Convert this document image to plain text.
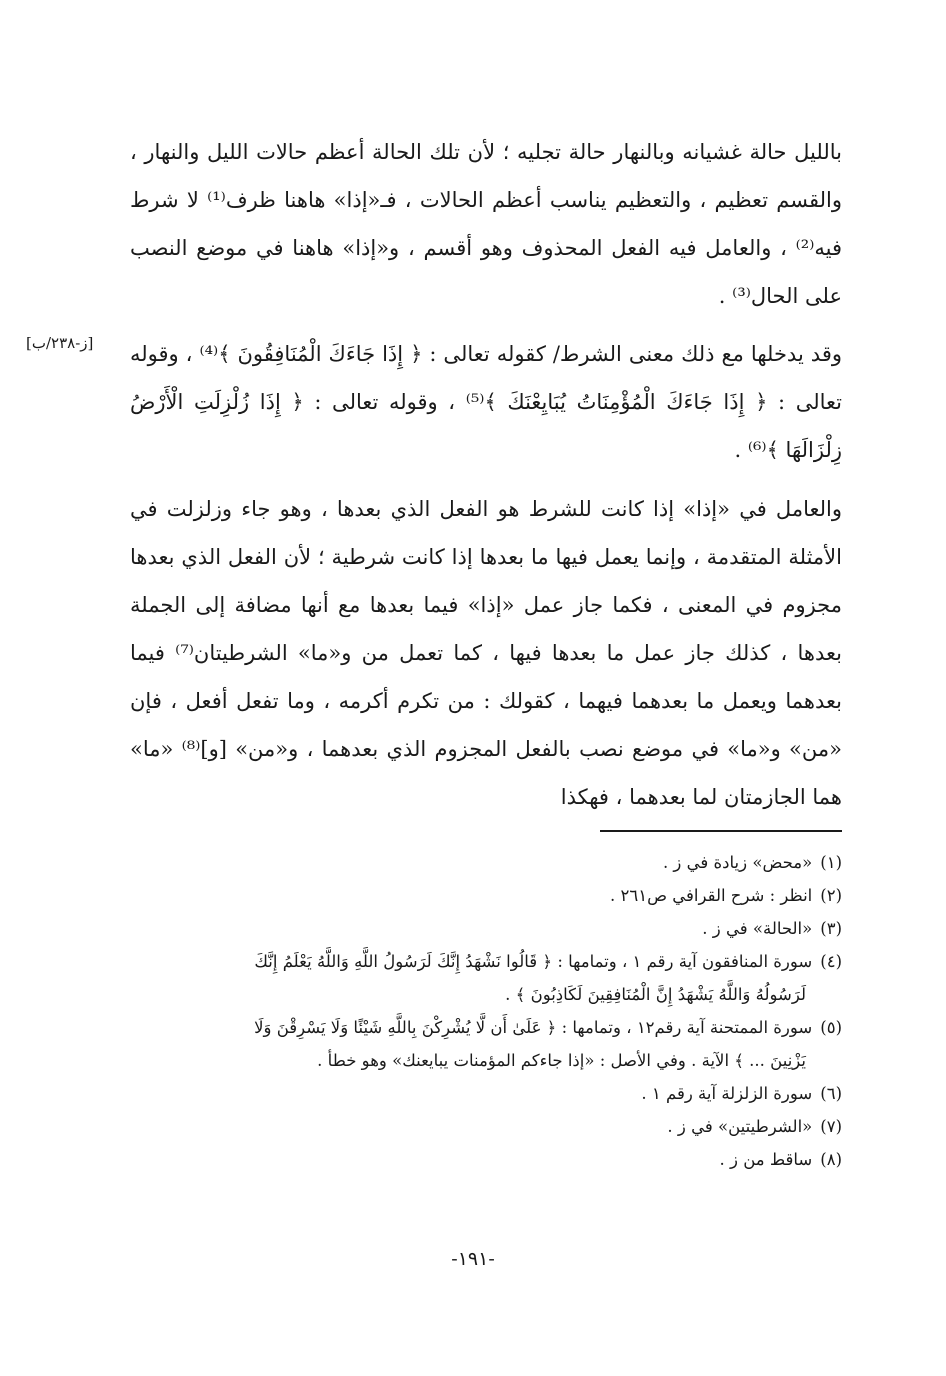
بالليل حالة غشيانه وبالنهار حالة تجليه ؛ لأن تلك الحالة أعظم حالات الليل والنهار ، والقسم تعظيم ، والتعظيم يناسب أعظم الحالات ، فـ«إذا» هاهنا ظرف⁽¹⁾ لا شرط فيه⁽²⁾ ، والعامل فيه الفعل المحذوف وهو أقسم ، و«إذا» هاهنا في موضع النصب على الحال⁽³⁾ .

[ز-٢٣٨/ب] وقد يدخلها مع ذلك معنى الشرط/ كقوله تعالى : ﴿ إِذَا جَاءَكَ الْمُنَافِقُونَ ﴾⁽⁴⁾ ، وقوله تعالى : ﴿ إِذَا جَاءَكَ الْمُؤْمِنَاتُ يُبَايِعْنَكَ ﴾⁽⁵⁾ ، وقوله تعالى : ﴿ إِذَا زُلْزِلَتِ الْأَرْضُ زِلْزَالَهَا ﴾⁽⁶⁾ .

والعامل في «إذا» إذا كانت للشرط هو الفعل الذي بعدها ، وهو جاء وزلزلت في الأمثلة المتقدمة ، وإنما يعمل فيها ما بعدها إذا كانت شرطية ؛ لأن الفعل الذي بعدها مجزوم في المعنى ، فكما جاز عمل «إذا» فيما بعدها مع أنها مضافة إلى الجملة بعدها ، كذلك جاز عمل ما بعدها فيها ، كما تعمل من و«ما» الشرطيتان⁽⁷⁾ فيما بعدهما ويعمل ما بعدهما فيهما ، كقولك : من تكرم أكرمه ، وما تفعل أفعل ، فإن «من» و«ما» في موضع نصب بالفعل المجزوم الذي بعدهما ، و«من» [و]⁽⁸⁾ «ما» هما الجازمتان لما بعدهما ، فهكذا

(١)«محض» زيادة في ز .
(٢)انظر : شرح القرافي ص٢٦١ .
(٣)«الحالة» في ز .
(٤)سورة المنافقون آية رقم ١ ، وتمامها : ﴿ قَالُوا نَشْهَدُ إِنَّكَ لَرَسُولُ اللَّهِ وَاللَّهُ يَعْلَمُ إِنَّكَ
لَرَسُولُهُ وَاللَّهُ يَشْهَدُ إِنَّ الْمُنَافِقِينَ لَكَاذِبُونَ ﴾ .
(٥)سورة الممتحنة آية رقم١٢ ، وتمامها : ﴿ عَلَىٰ أَن لَّا يُشْرِكْنَ بِاللَّهِ شَيْئًا وَلَا يَسْرِقْنَ وَلَا
يَزْنِينَ ... ﴾ الآية . وفي الأصل : «إذا جاءكم المؤمنات يبايعنك» وهو خطأ .
(٦)سورة الزلزلة آية رقم ١ .
(٧)«الشرطيتين» في ز .
(٨)ساقط من ز .
-١٩١-
